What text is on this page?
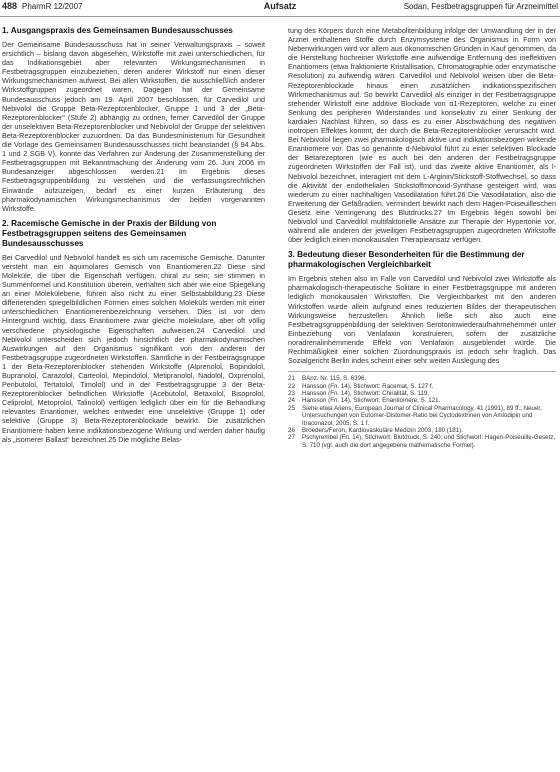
488 PharmR 12/2007	Aufsatz	Sodan, Festbetragsgruppen für Arzneimittel
1. Ausgangspraxis des Gemeinsamen Bundesausschusses

Der Gemeinsame Bundesausschuss hat in seiner Verwaltungspraxis – soweit ersichtlich – bislang davon abgesehen, Wirkstoffe mit zwei unterschiedlichen, für das Indikationsgebiet aber relevanten Wirkungsmechanismen in Festbetragsgruppen einzubeziehen, deren anderer Wirkstoff nur einen dieser Wirkungsmechanismen aufweist. Bei allen Wirkstoffen, die ausschließlich anderer Wirkstoffgruppen zugeordnet waren, Dagegen hat der Gemeinsame Bundesausschuss jedoch am 19. April 2007 beschlossen, für Carvedilol und Nebivolol die Gruppe Beta-Rezeptorenblocker, Gruppe 1 und 3 der „Beta-Rezeptorenblocker“ (Stufe 2) abhängig zu ordnen, ferner Carvedilol der Gruppe der unselektiven Beta-Rezeptorenblocker und Nebivolol der Gruppe der selektiven Beta-Rezeptorenblocker zuzuordnen. Da das Bundesministerium für Gesundheit die Vorlage des Gemeinsamen Bundesausschusses nicht beanstandet (§ 94 Abs. 1 und 2 SGB V), konnte das Verfahren zur Änderung der Zusammenstellung der Festbetragsgruppen mit Bekanntmachung der Änderung vom 26. Juni 2006 im Bundesanzeiger abgeschlossen werden.21 Im Ergebnis dieses Festbetragsgruppenbildung zu verstehen und die verfassungsrechtlichen Einwände aufzuzeigen, bedarf es einer kurzen Erläuterung des pharmakodynamischen Wirkungsmechanismus der beiden vorgenannten Wirkstoffe.

2. Racemische Gemische in der Praxis der Bildung von Festbetragsgruppen seitens des Gemeinsamen Bundesausschusses

Bei Carvedilol und Nebivolol handelt es sich um racemische Gemische. Darunter versteht man ein äquimolares Gemisch von Enantiomeren.22 Diese sind Moleküle, die über die Eigenschaft verfügen, chiral zu sein; sie stimmen in Summenformel und Konstitution überein, verhalten sich aber wie eine Spiegelung an einer Molekülebene, führen also nicht zu einer Selbstabbildung.23 Diese differierenden spiegelbildlichen Formen eines solchen Moleküls werden mit einer unterschiedlichen Enantiomerenbezeichnung versehen. Dies ist vor dem Hintergrund wichtig, dass Enantiomere zwar gleiche molekulare, aber oft völlig verschiedene physiologische Eigenschaften aufweisen.24 Carvedilol und Nebivolol unterscheiden sich jedoch hinsichtlich der pharmakodynamischen Auswirkungen auf den Organismus signifikant von den anderen der Festbetragsgruppe zugeordneten Wirkstoffen. Sämtliche in der Festbetragsgruppe 1 der Beta-Rezeptorenblocker stehenden Wirkstoffe (Alprenolol, Bopindolol, Bupranolol, Carazolol, Carteolol, Mepindolol, Metipranolol, Nadolol, Oxprenolol, Penbutolol, Tertatolol, Timolol) und in der Festbetragsgruppe 3 der Beta-Rezeptorenblocker befindlichen Wirkstoffe (Acebutolol, Betaxolol, Bisoprolol, Celiprolol, Metoprolol, Talinolol) verfügen lediglich über ein für die Behandlung relevantes Enantiomer, welches entweder eine unselektive (Gruppe 1) oder selektive (Gruppe 3) Beta-Rezeptorenblockade bewirkt. Die zusätzlichen Enantiomere haben keine indikationsbezogene Wirkung und werden daher häufig als „isomerer Ballast“ bezeichnet.25 Die mögliche Belas-

tung des Körpers durch eine Metabolitenbildung infolge der Umwandlung der in der Arznei enthaltenen Stoffe durch Enzymsysteme des Organismus in Form von Nebenwirkungen wird vor allem aus ökonomischen Gründen in Kauf genommen, da die Herstellung hochreiner Wirkstoffe eine aufwendige Entfernung des ineffektiven Enantiomers (etwa fraktionierte Kristallisation, Chromatographie oder enzymatische Resolution) zu aufwendig wären. Carvedilol und Nebivolol weisen über die Beta-Rezeptorenblockade hinaus einen zusätzlichen indikationsspezifischen Wirkmechanismus auf. So bewirkt Carvedilol als einziger in der Festbetragsgruppe stehender Wirkstoff eine additive Blockade von α1-Rezeptoren, welche zu einer Senkung des peripheren Widerstandes und konsekutiv zu einer Senkung der kardialen Nachlast führen, so dass es zu einer Abschwächung des negativen inotropen Effektes kommt, der durch die Beta-Rezeptorenblocker verursacht wird. Bei Nebivolol liegen zwei pharmakologisch aktive und indikationsbezogen wirkende Enantiomere vor. Das so genannte d-Nebivolol führt zu einer selektiven Blockade der Betarezeptoren (wie es auch bei den anderen der Festbetragsgruppe zugeordneten Wirkstoffen der Fall ist), und das zweite aktive Enantiomer, als l-Nebivolol bezeichnet, interagiert mit dem L-Arginin/Stickstoff-Stoffwechsel, so dass die Aktivität der endothelialen Stickstoffmonoxid-Synthase gesteigert wird, was wiederum zu einer nachhaltigen Vasodilatation führt.26 Die Vasodilatation, also die Erweiterung der Gefäßradien, vermindert bewirkt nach dem Hagen-Poiseuilleschen Gesetz eine Verringerung des Blutdrucks.27 Im Ergebnis liegen sowohl bei Nebivolol und Carvedilol multifaktorielle Ansätze zur Therapie der Hypertonie vor, während alle anderen der jeweiligen Festbetragsgruppen zugeordneten Wirkstoffe über lediglich einen monokausalen Therapieansatz verfügen.

3. Bedeutung dieser Besonderheiten für die Bestimmung der pharmakologischen Vergleichbarkeit

Im Ergebnis stehen also im Falle von Carvedilol und Nebivolol zwei Wirkstoffe als pharmakologisch-therapeutische Solitäre in einer Festbetragsgruppe mit anderen lediglich monokausalen Wirkstoffen. Die Vergleichbarkeit mit den anderen Wirkstoffen wurde allein aufgrund eines reduzierten Bildes der therapeutischen Wirkungsweise herzustellen. Ähnlich ließe sich also auch eine Festbetragsgruppenbildung der selektiven Serotoninwiederaufnahmehemmer unter Einbeziehung von Venlafaxin konstruieren, sofern der zusätzliche noradrenalinhemmende Effekt von Venlafaxin ausgeblendet würde. Die Rechtmäßigkeit einer solchen Zuordnungspraxis ist jedoch sehr fraglich. Das Sozialgericht Berlin indes scheint einer sehr weiten Auslegung des

21	BAnz. Nr. 115, S. 6396.
22	Hansson (Fn. 14), Stichwort: Racemat, S. 127 f.
23	Hansson (Fn. 14), Stichwort: Chiralität, S. 119.
24	Hansson (Fn. 14), Stichwort: Enantiomere, S. 121.
25	Siehe etwa Ariens, European Journal of Clinical Pharmacology, 41 (1991), 89 ff.; Neuer, Untersuchungen von Eutomer-Distomer-Ratio bei Cyclodextrinen von Amlodipin und Itraconazol, 2005, S. 1 f.
26	Broeders/Feron, Kardiovaskuläre Medizin 2003, 180 (181).
27	Pschyrembel (Fn. 14), Stichwort: Blutdruck, S. 240; und Stichwort: Hagen-Poiseuille-Gesetz, S. 710 (vgl. auch die dort angegebene mathematische Formel).
